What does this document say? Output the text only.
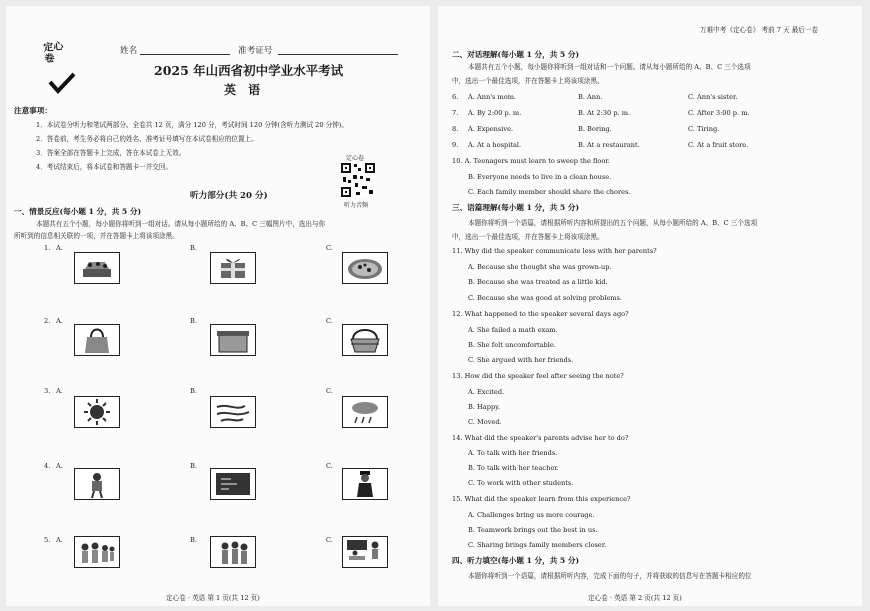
定心卷
姓名	准考证号
2025 年山西省初中学业水平考试
英 语
注意事项：
1．本试卷分听力和笔试两部分。全卷共 12 页，满分 120 分，考试时间 120 分钟(含听力测试 20 分钟)。
2．答卷前，考生务必将自己的姓名、准考证号填写在本试卷相应的位置上。
3．答案全部在答题卡上完成，答在本试卷上无效。
4．考试结束后，将本试卷和答题卡一并交回。
定心卷
听力音频
听力部分(共 20 分)
一、情景反应(每小题 1 分，共 5 分)
本题共有五个小题，每小题你将听到一组对话。请从每小题所给的 A、B、C 三幅图片中，选出与你
所听到的信息相关联的一项，并在答题卡上将该项涂黑。
1. A.	B.	C.
2. A.	B.	C.
3. A.	B.	C.
4. A.	B.	C.
5. A.	B.	C.
定心卷 · 英语 第 1 页(共 12 页)
万难中考《定心卷》 考前 7 天 最后一卷
二、对话理解(每小题 1 分，共 5 分)
本题共有五个小题，每小题你将听到一组对话和一个问题。请从每小题所给的 A、B、C 三个选项
中，选出一个最佳选项，并在答题卡上将该项涂黑。
6. A. Ann's mom.	B. Ann.	C. Ann's sister.
7. A. By 2:00 p. m.	B. At 2:30 p. m.	C. After 3:00 p. m.
8. A. Expensive.	B. Boring.	C. Tiring.
9. A. At a hospital.	B. At a restaurant.	C. At a fruit store.
10. A. Teenagers must learn to sweep the floor.
B. Everyone needs to live in a clean house.
C. Each family member should share the chores.
三、语篇理解(每小题 1 分，共 5 分)
本题你将听到一个语篇，请根据所听内容和所提出的五个问题，从每小题所给的 A、B、C 三个选项
中，选出一个最佳选项，并在答题卡上将该项涂黑。
11. Why did the speaker communicate less with her parents?
A. Because she thought she was grown-up.
B. Because she was treated as a little kid.
C. Because she was good at solving problems.
12. What happened to the speaker several days ago?
A. She failed a math exam.
B. She felt uncomfortable.
C. She argued with her friends.
13. How did the speaker feel after seeing the note?
A. Excited.
B. Happy.
C. Moved.
14. What did the speaker's parents advise her to do?
A. To talk with her friends.
B. To talk with her teacher.
C. To work with other students.
15. What did the speaker learn from this experience?
A. Challenges bring us more courage.
B. Teamwork brings out the best in us.
C. Sharing brings family members closer.
四、听力填空(每小题 1 分，共 5 分)
本题你将听到一个语篇，请根据所听内容，完成下面的句子，并将获取的信息写在答题卡相应的位
定心卷 · 英语 第 2 页(共 12 页)
